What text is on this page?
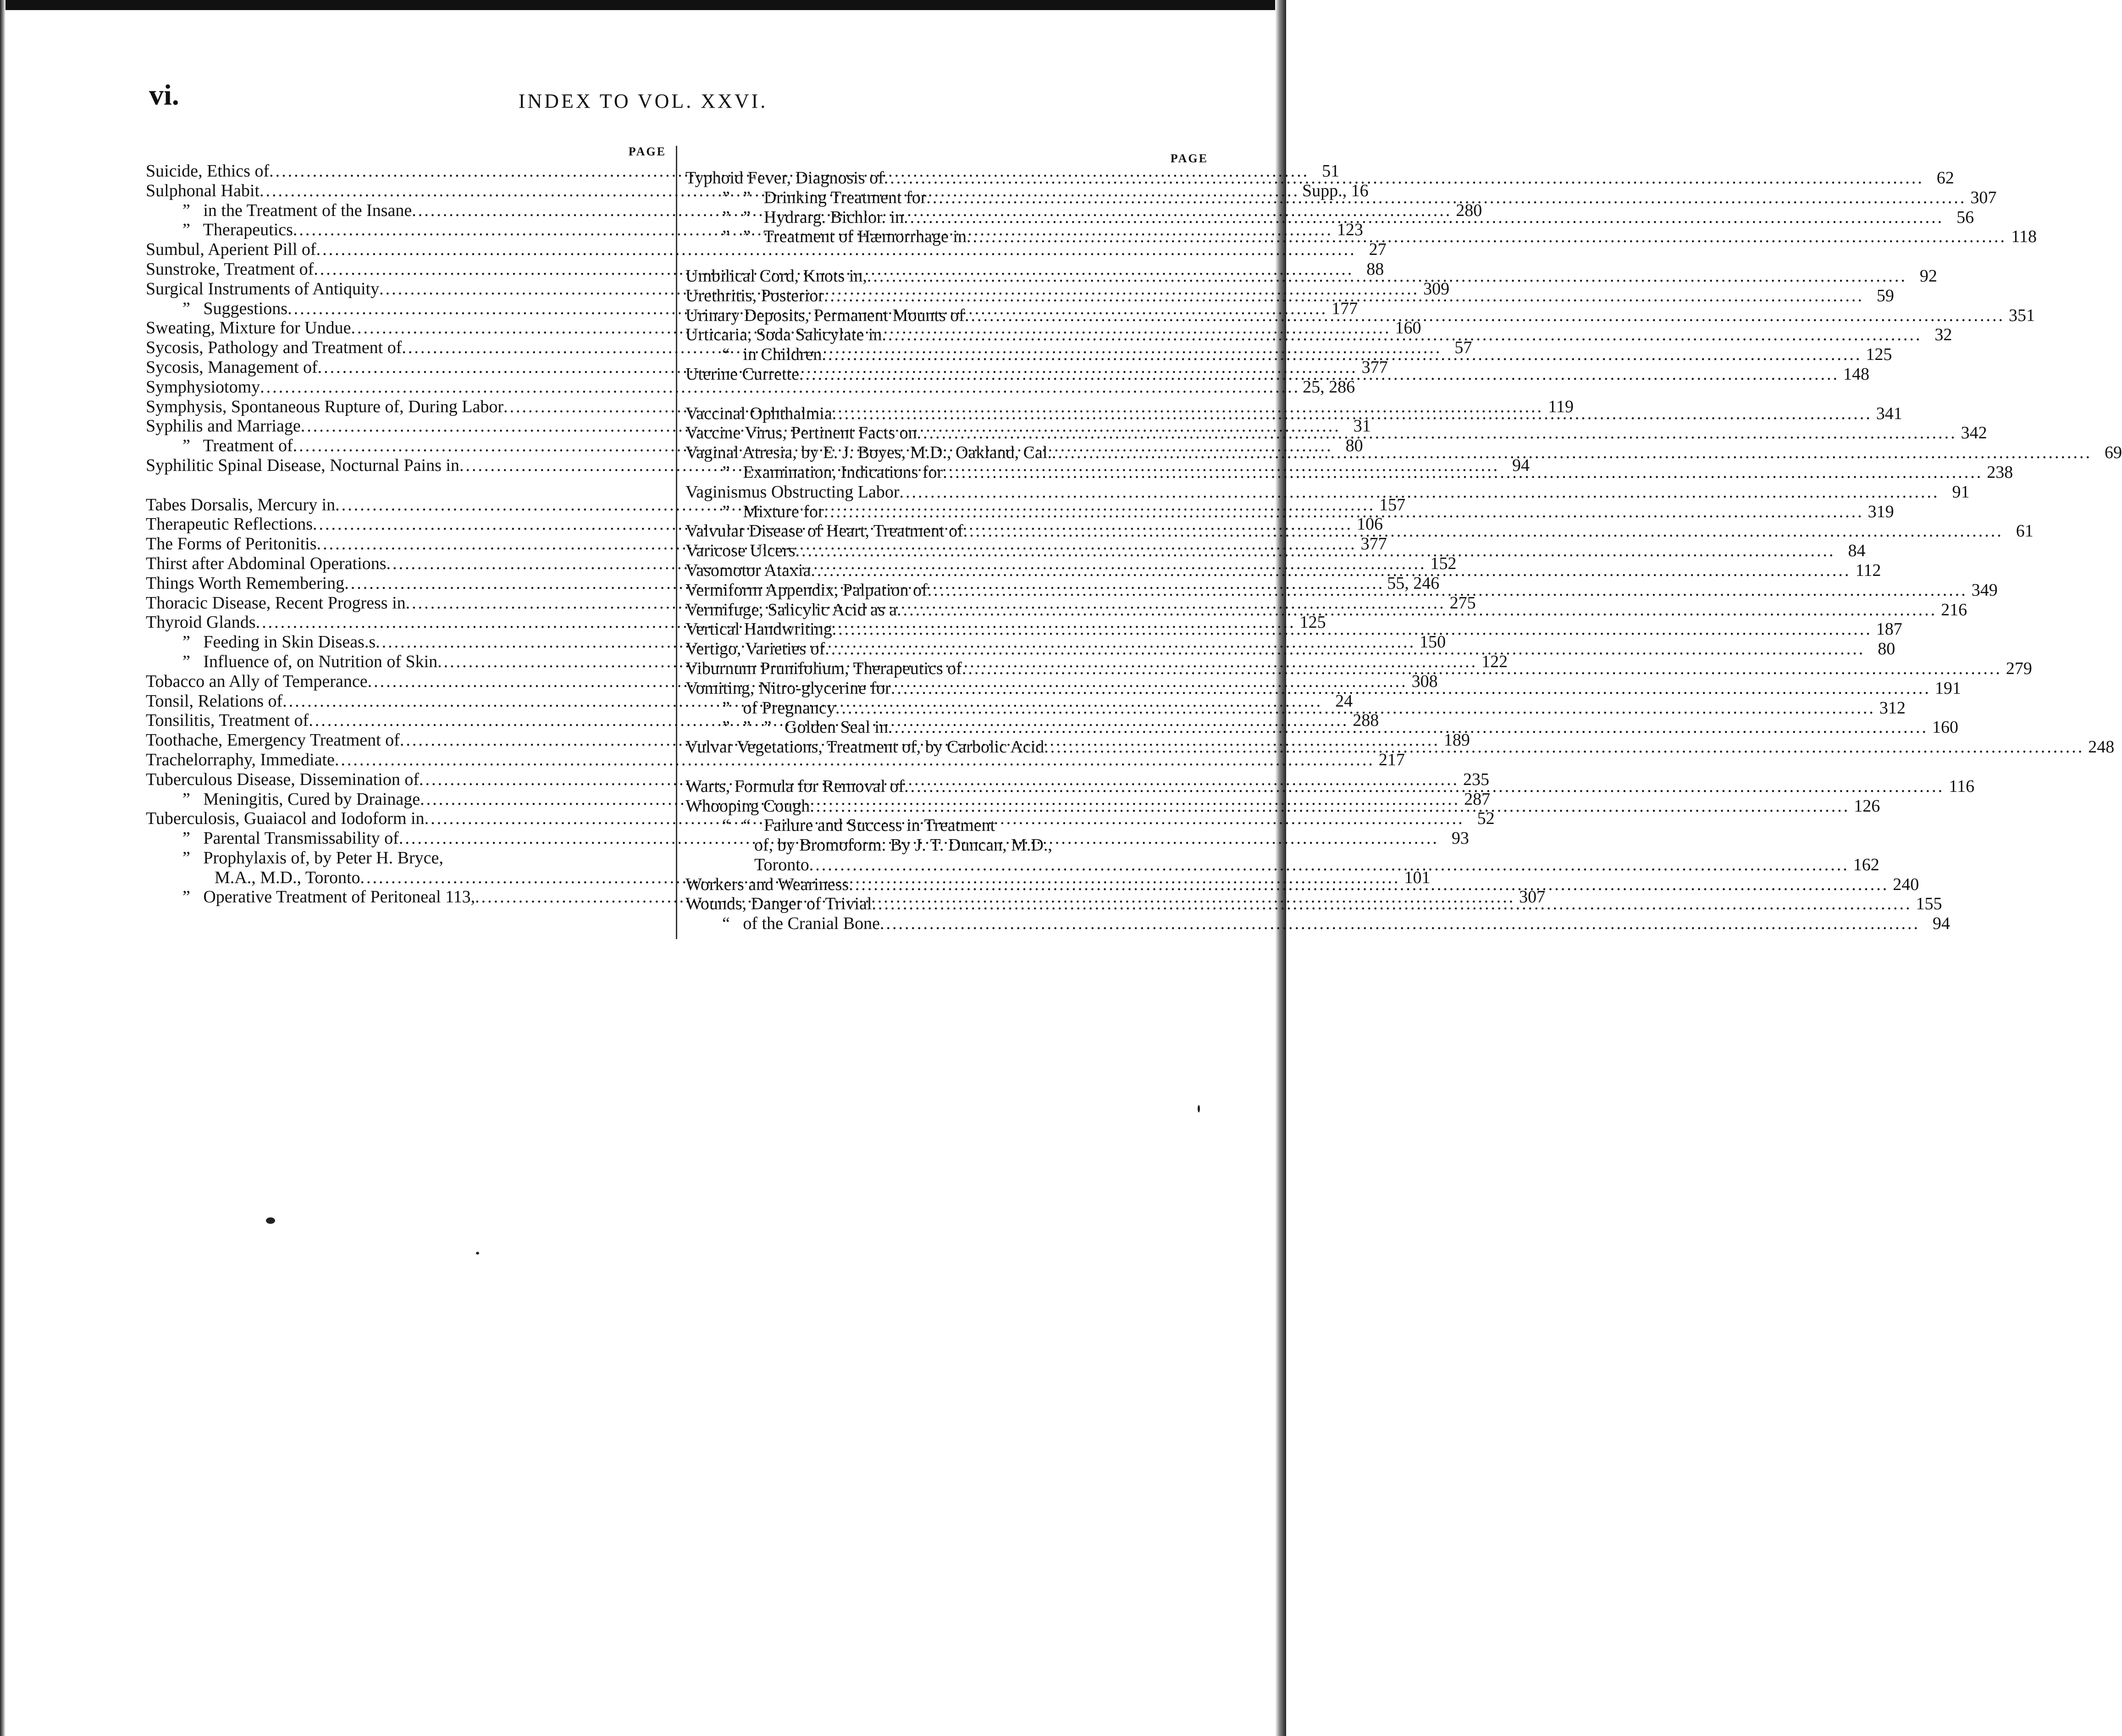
vi.	INDEX TO VOL. XXVI.
PAGE
Suicide, Ethics of .....	51
Sulphonal Habit .....	Supp., 16
”   in the Treatment of the Insane .....	280
”   Therapeutics .....	123
Sumbul, Aperient Pill of .....	27
Sunstroke, Treatment of .....	88
Surgical Instruments of Antiquity .....	309
”   Suggestions .....	177
Sweating, Mixture for Undue .....	160
Sycosis, Pathology and Treatment of .....	57
Sycosis, Management of .....	377
Symphysiotomy .....	25, 286
Symphysis, Spontaneous Rupture of, During Labor .....	119
Syphilis and Marriage .....	31
”   Treatment of .....	80
Syphilitic Spinal Disease, Nocturnal Pains in .....	94
Tabes Dorsalis, Mercury in .....	157
Therapeutic Reflections .....	106
The Forms of Peritonitis .....	377
Thirst after Abdominal Operations .....	152
Things Worth Remembering .....	55, 246
Thoracic Disease, Recent Progress in .....	275
Thyroid Glands .....	125
”   Feeding in Skin Diseas.s .....	150
”   Influence of, on Nutrition of Skin .....	122
Tobacco an Ally of Temperance .....	308
Tonsil, Relations of .....	24
Tonsilitis, Treatment of .....	288
Toothache, Emergency Treatment of .....	189
Trachelorraphy, Immediate .....	217
Tuberculous Disease, Dissemination of .....	235
”   Meningitis, Cured by Drainage .....	287
Tuberculosis, Guaiacol and Iodoform in .....	52
”   Parental Transmissability of .....	93
”   Prophylaxis of, by Peter H. Bryce,
M.A., M.D., Toronto .....	101
”   Operative Treatment of Peritoneal 113, .....	307
PAGE
Typhoid Fever, Diagnosis of .....	62
”   ”   Drinking Treatment for .....	307
”   ”   Hydrarg. Bichlor. in .....	56
”   ”   Treatment of Hæmorrhage in .....	118
Umbilical Cord, Knots in, .....	92
Urethritis, Posterior .....	59
Urinary Deposits, Permanent Mounts of .....	351
Urticaria, Soda Salicylate in .....	32
“   in Children .....	125
Uterine Currette .....	148
Vaccinal Ophthalmia .....	341
Vaccine Virus, Pertinent Facts on .....	342
Vaginal Atresia, by E. J. Boyes, M.D., Oakland, Cal. .....	69
”   Examination, Indications for .....	238
Vaginismus Obstructing Labor .....	91
”   Mixture for .....	319
Valvular Disease of Heart, Treatment of .....	61
Varicose Ulcers .....	84
Vasomotor Ataxia .....	112
Vermiform Appendix, Palpation of .....	349
Vermifuge, Salicylic Acid as a .....	216
Vertical Handwriting .....	187
Vertigo, Varieties of .....	80
Viburnum Prunifolium, Therapeutics of .....	279
Vomiting, Nitro-glycerine for .....	191
”   of Pregnancy .....	312
”   ”   ”   Golden Seal in .....	160
Vulvar Vegetations, Treatment of, by Carbolic Acid .....	248
Warts, Formula for Removal of .....	116
Whooping Cough .....	126
“   “   Failure and Success in Treatment
of, by Bromoform. By J. T. Duncan, M.D.,
Toronto .....	162
Workers and Weariness .....	240
Wounds, Danger of Trivial .....	155
“   of the Cranial Bone .....	94
